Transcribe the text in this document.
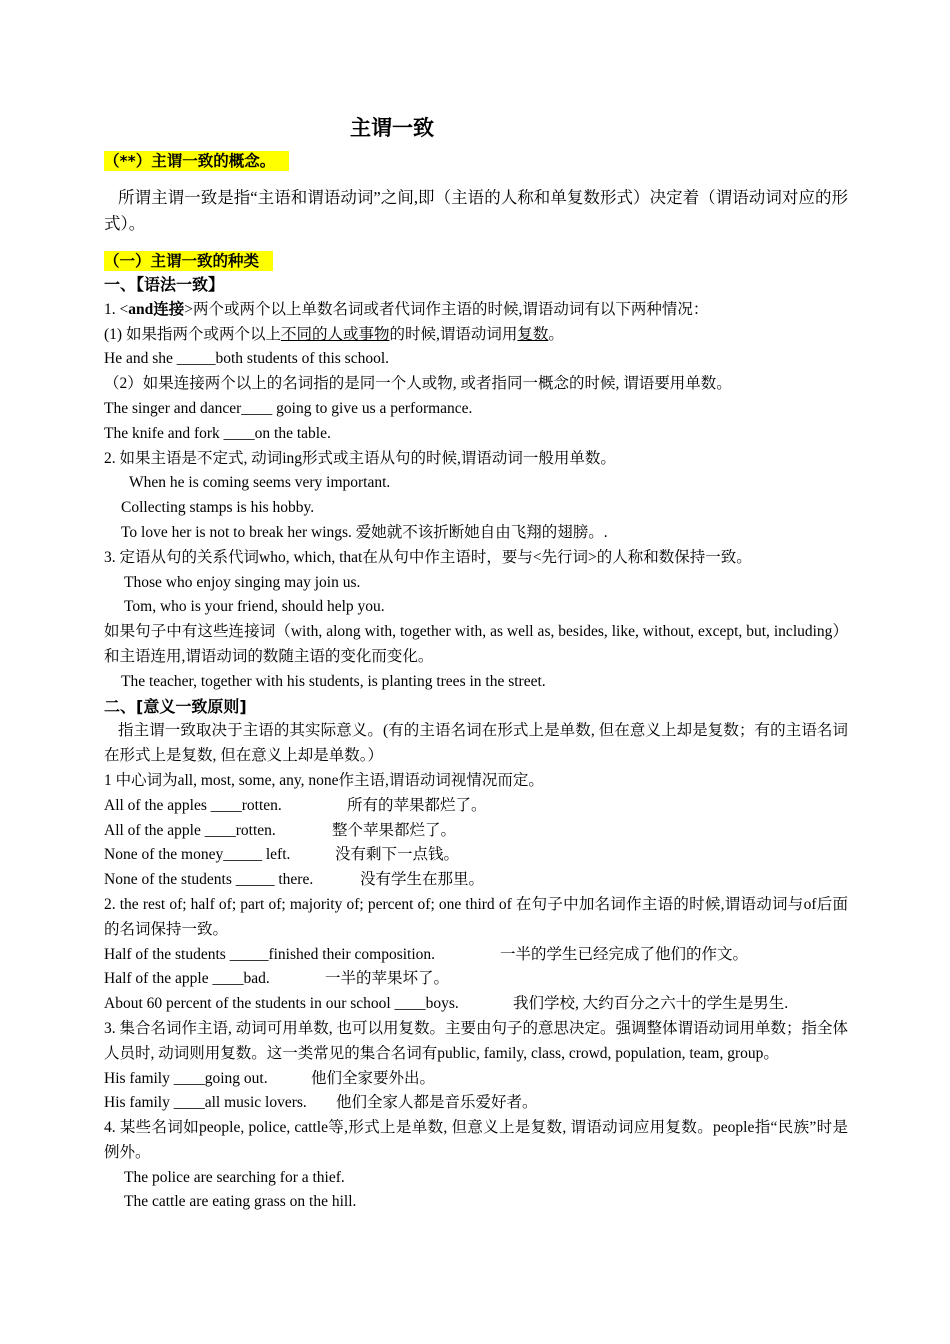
主谓一致
（**）主谓一致的概念。
所谓主谓一致是指“主语和谓语动词”之间,即（主语的人称和单复数形式）决定着（谓语动词对应的形式）。
（一）主谓一致的种类
一、【语法一致】
1. <and连接>两个或两个以上单数名词或者代词作主语的时候,谓语动词有以下两种情况：
(1) 如果指两个或两个以上不同的人或事物的时候,谓语动词用复数。
He and she _____both students of this school.
（2）如果连接两个以上的名词指的是同一个人或物, 或者指同一概念的时候, 谓语要用单数。
The singer and dancer____ going to give us a performance.
The knife and fork ____on the table.
2. 如果主语是不定式, 动词ing形式或主语从句的时候,谓语动词一般用单数。
When he is coming seems very important.
Collecting stamps is his hobby.
To love her is not to break her wings. 爱她就不该折断她自由飞翔的翅膀。.
3. 定语从句的关系代词who, which, that在从句中作主语时，要与<先行词>的人称和数保持一致。
Those who enjoy singing may join us.
Tom, who is your friend, should help you.
如果句子中有这些连接词（with, along with, together with, as well as, besides, like, without, except, but, including）和主语连用,谓语动词的数随主语的变化而变化。
The teacher, together with his students, is planting trees in the street.
二、[意义一致原则]
指主谓一致取决于主语的其实际意义。(有的主语名词在形式上是单数, 但在意义上却是复数；有的主语名词在形式上是复数, 但在意义上却是单数。）
1 中心词为all, most, some, any, none作主语,谓语动词视情况而定。
All of the apples ____rotten.	所有的苹果都烂了。
All of the apple ____rotten.	整个苹果都烂了。
None of the money_____ left.	没有剩下一点钱。
None of the students _____ there.	没有学生在那里。
2. the rest of; half of; part of; majority of; percent of; one third of 在句子中加名词作主语的时候,谓语动词与of后面的名词保持一致。
Half of the students _____finished their composition.	一半的学生已经完成了他们的作文。
Half of the apple ____bad.	一半的苹果坏了。
About 60 percent of the students in our school ____boys.	我们学校, 大约百分之六十的学生是男生.
3. 集合名词作主语, 动词可用单数, 也可以用复数。主要由句子的意思决定。强调整体谓语动词用单数；指全体人员时, 动词则用复数。这一类常见的集合名词有public, family, class, crowd, population, team, group。
His family ____going out.	他们全家要外出。
His family ____all music lovers. 他们全家人都是音乐爱好者。
4. 某些名词如people, police, cattle等,形式上是单数, 但意义上是复数, 谓语动词应用复数。people指“民族”时是例外。
The police are searching for a thief.
The cattle are eating grass on the hill.
